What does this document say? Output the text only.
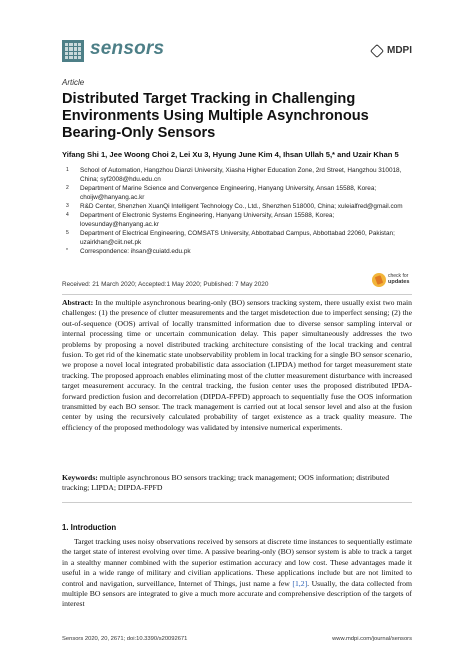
sensors	MDPI
Article
Distributed Target Tracking in Challenging Environments Using Multiple Asynchronous Bearing-Only Sensors
Yifang Shi 1, Jee Woong Choi 2, Lei Xu 3, Hyung June Kim 4, Ihsan Ullah 5,* and Uzair Khan 5
1	School of Automation, Hangzhou Dianzi University, Xiasha Higher Education Zone, 2rd Street, Hangzhou 310018, China; syf2008@hdu.edu.cn
2	Department of Marine Science and Convergence Engineering, Hanyang University, Ansan 15588, Korea; choijw@hanyang.ac.kr
3	R&D Center, Shenzhen XuanQi Intelligent Technology Co., Ltd., Shenzhen 518000, China; xuleialfred@gmail.com
4	Department of Electronic Systems Engineering, Hanyang University, Ansan 15588, Korea; lovesunday@hanyang.ac.kr
5	Department of Electrical Engineering, COMSATS University, Abbottabad Campus, Abbottabad 22060, Pakistan; uzairkhan@ciit.net.pk
*	Correspondence: ihsan@cuiatd.edu.pk
Received: 21 March 2020; Accepted:1 May 2020; Published: 7 May 2020
check for
updates
Abstract: In the multiple asynchronous bearing-only (BO) sensors tracking system, there usually exist two main challenges: (1) the presence of clutter measurements and the target misdetection due to imperfect sensing; (2) the out-of-sequence (OOS) arrival of locally transmitted information due to diverse sensor sampling interval or internal processing time or uncertain communication delay. This paper simultaneously addresses the two problems by proposing a novel distributed tracking architecture consisting of the local tracking and central fusion. To get rid of the kinematic state unobservability problem in local tracking for a single BO sensor scenario, we propose a novel local integrated probabilistic data association (LIPDA) method for target measurement state tracking. The proposed approach enables eliminating most of the clutter measurement disturbance with increased target measurement accuracy. In the central tracking, the fusion center uses the proposed distributed IPDA-forward prediction fusion and decorrelation (DIPDA-FPFD) approach to sequentially fuse the OOS information transmitted by each BO sensor. The track management is carried out at local sensor level and also at the fusion center by using the recursively calculated probability of target existence as a track quality measure. The efficiency of the proposed methodology was validated by intensive numerical experiments.
Keywords: multiple asynchronous BO sensors tracking; track management; OOS information; distributed tracking; LIPDA; DIPDA-FPFD
1. Introduction
Target tracking uses noisy observations received by sensors at discrete time instances to sequentially estimate the target state of interest evolving over time. A passive bearing-only (BO) sensor system is able to track a target in a stealthy manner combined with the superior estimation accuracy and low cost. These advantages made it useful in a wide range of military and civilian applications. These applications include but are not limited to control and navigation, surveillance, Internet of Things, just name a few [1,2]. Usually, the data collected from multiple BO sensors are integrated to give a much more accurate and comprehensive description of the targets of interest
Sensors 2020, 20, 2671; doi:10.3390/s20092671	www.mdpi.com/journal/sensors
